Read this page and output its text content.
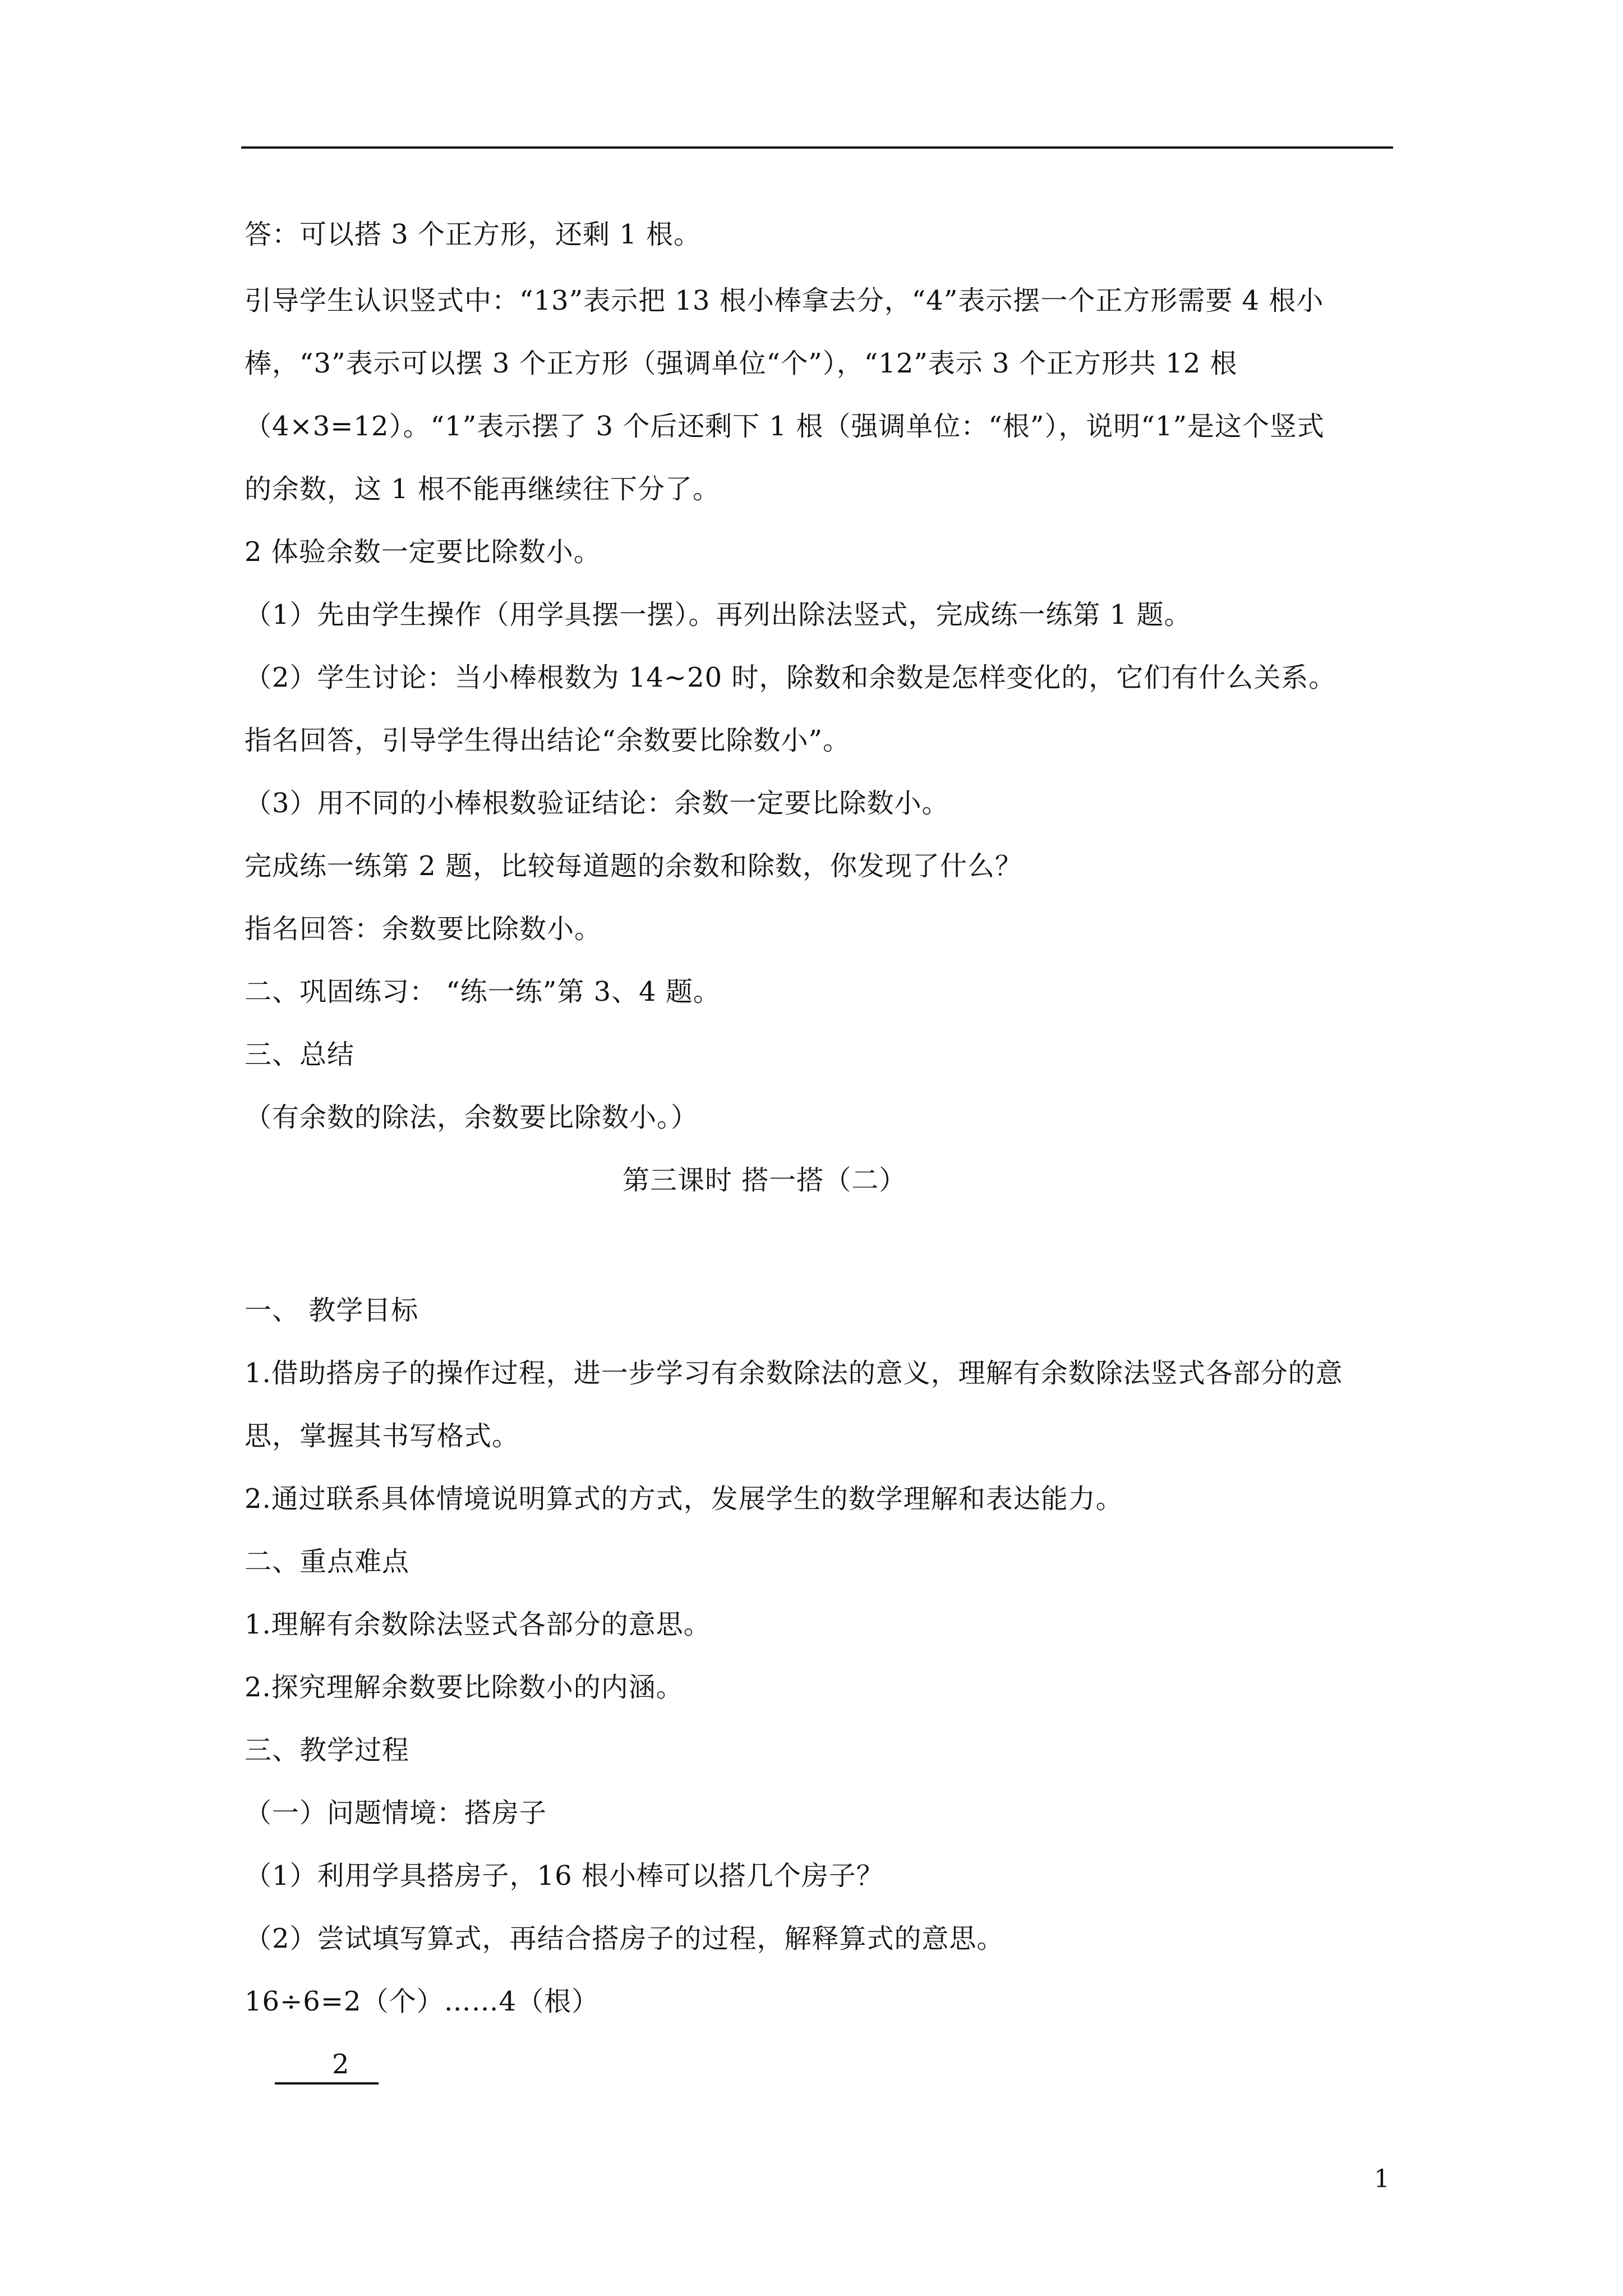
答：可以搭 3 个正方形，还剩 1 根。
引导学生认识竖式中：“13”表示把 13 根小棒拿去分，“4”表示摆一个正方形需要 4 根小
棒，“3”表示可以摆 3 个正方形（强调单位“个”），“12”表示 3 个正方形共 12 根
（4×3=12）。“1”表示摆了 3 个后还剩下 1 根（强调单位：“根”），说明“1”是这个竖式
的余数，这 1 根不能再继续往下分了。
2 体验余数一定要比除数小。
（1）先由学生操作（用学具摆一摆）。再列出除法竖式，完成练一练第 1 题。
（2）学生讨论：当小棒根数为 14~20 时，除数和余数是怎样变化的，它们有什么关系。
指名回答，引导学生得出结论“余数要比除数小”。
（3）用不同的小棒根数验证结论：余数一定要比除数小。
完成练一练第 2 题，比较每道题的余数和除数，你发现了什么？
指名回答：余数要比除数小。
二、巩固练习： “练一练”第 3、4 题。
三、总结
（有余数的除法，余数要比除数小。）
第三课时 搭一搭（二）
一、 教学目标
1.借助搭房子的操作过程，进一步学习有余数除法的意义，理解有余数除法竖式各部分的意
思，掌握其书写格式。
2.通过联系具体情境说明算式的方式，发展学生的数学理解和表达能力。
二、重点难点
1.理解有余数除法竖式各部分的意思。
2.探究理解余数要比除数小的内涵。
三、教学过程
（一）问题情境：搭房子
（1）利用学具搭房子，16 根小棒可以搭几个房子？
（2）尝试填写算式，再结合搭房子的过程，解释算式的意思。
16÷6=2（个）……4（根）
2
1
